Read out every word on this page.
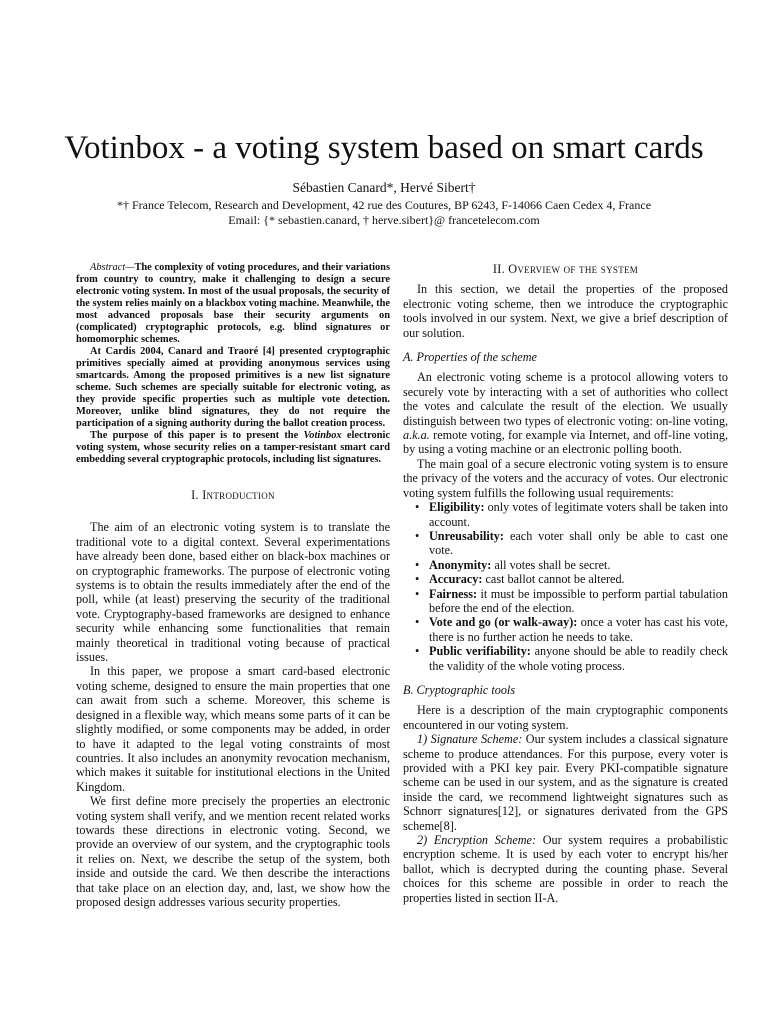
Votinbox - a voting system based on smart cards
Sébastien Canard*, Hervé Sibert†
*† France Telecom, Research and Development, 42 rue des Coutures, BP 6243, F-14066 Caen Cedex 4, France
Email: {* sebastien.canard, † herve.sibert}@ francetelecom.com

Abstract—The complexity of voting procedures, and their variations from country to country, make it challenging to design a secure electronic voting system. In most of the usual proposals, the security of the system relies mainly on a blackbox voting machine. Meanwhile, the most advanced proposals base their security arguments on (complicated) cryptographic protocols, e.g. blind signatures or homomorphic schemes.

At Cardis 2004, Canard and Traoré [4] presented cryptographic primitives specially aimed at providing anonymous services using smartcards. Among the proposed primitives is a new list signature scheme. Such schemes are specially suitable for electronic voting, as they provide specific properties such as multiple vote detection. Moreover, unlike blind signatures, they do not require the participation of a signing authority during the ballot creation process.

The purpose of this paper is to present the Votinbox electronic voting system, whose security relies on a tamper-resistant smart card embedding several cryptographic protocols, including list signatures.

I. Introduction

The aim of an electronic voting system is to translate the traditional vote to a digital context. Several experimentations have already been done, based either on black-box machines or on cryptographic frameworks. The purpose of electronic voting systems is to obtain the results immediately after the end of the poll, while (at least) preserving the security of the traditional vote. Cryptography-based frameworks are designed to enhance security while enhancing some functionalities that remain mainly theoretical in traditional voting because of practical issues.

In this paper, we propose a smart card-based electronic voting scheme, designed to ensure the main properties that one can await from such a scheme. Moreover, this scheme is designed in a flexible way, which means some parts of it can be slightly modified, or some components may be added, in order to have it adapted to the legal voting constraints of most countries. It also includes an anonymity revocation mechanism, which makes it suitable for institutional elections in the United Kingdom.

We first define more precisely the properties an electronic voting system shall verify, and we mention recent related works towards these directions in electronic voting. Second, we provide an overview of our system, and the cryptographic tools it relies on. Next, we describe the setup of the system, both inside and outside the card. We then describe the interactions that take place on an election day, and, last, we show how the proposed design addresses various security properties.

II. Overview of the system

In this section, we detail the properties of the proposed electronic voting scheme, then we introduce the cryptographic tools involved in our system. Next, we give a brief description of our solution.

A. Properties of the scheme

An electronic voting scheme is a protocol allowing voters to securely vote by interacting with a set of authorities who collect the votes and calculate the result of the election. We usually distinguish between two types of electronic voting: on-line voting, a.k.a. remote voting, for example via Internet, and off-line voting, by using a voting machine or an electronic polling booth.

The main goal of a secure electronic voting system is to ensure the privacy of the voters and the accuracy of votes. Our electronic voting system fulfills the following usual requirements:

• Eligibility: only votes of legitimate voters shall be taken into account.
• Unreusability: each voter shall only be able to cast one vote.
• Anonymity: all votes shall be secret.
• Accuracy: cast ballot cannot be altered.
• Fairness: it must be impossible to perform partial tabulation before the end of the election.
• Vote and go (or walk-away): once a voter has cast his vote, there is no further action he needs to take.
• Public verifiability: anyone should be able to readily check the validity of the whole voting process.
B. Cryptographic tools

Here is a description of the main cryptographic components encountered in our voting system.

1) Signature Scheme: Our system includes a classical signature scheme to produce attendances. For this purpose, every voter is provided with a PKI key pair. Every PKI-compatible signature scheme can be used in our system, and as the signature is created inside the card, we recommend lightweight signatures such as Schnorr signatures[12], or signatures derivated from the GPS scheme[8].

2) Encryption Scheme: Our system requires a probabilistic encryption scheme. It is used by each voter to encrypt his/her ballot, which is decrypted during the counting phase. Several choices for this scheme are possible in order to reach the properties listed in section II-A.
